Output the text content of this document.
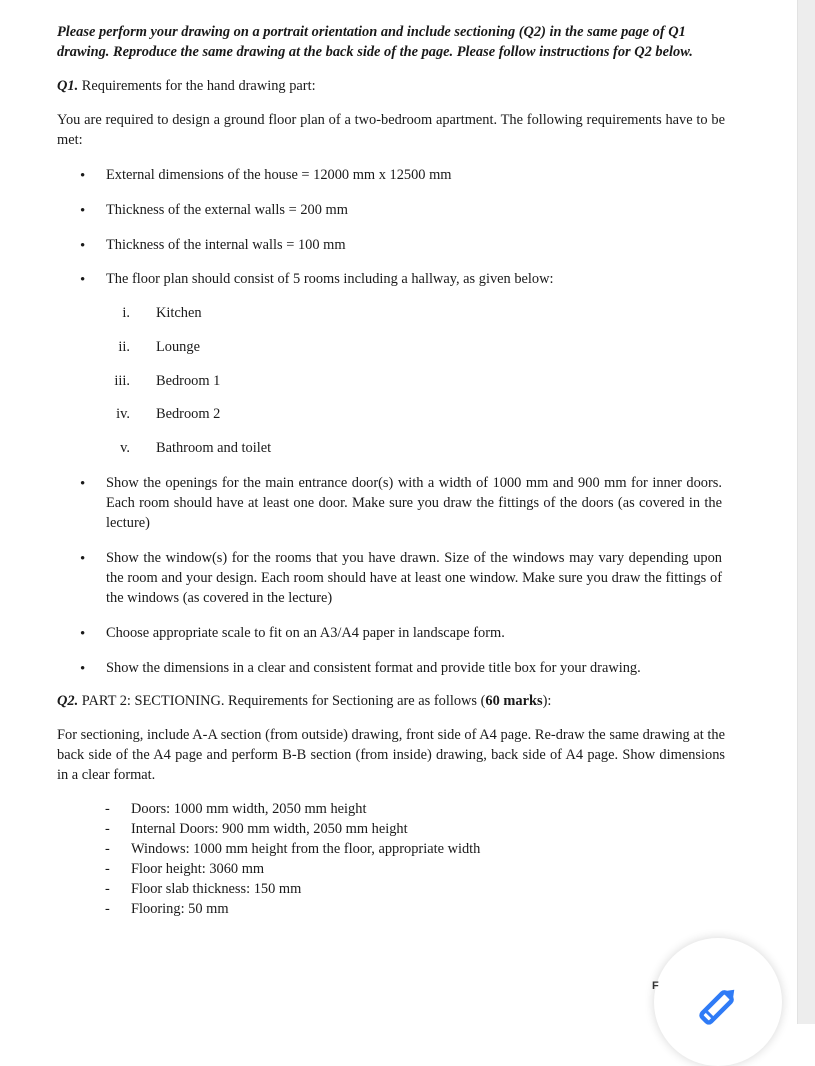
Please perform your drawing on a portrait orientation and include sectioning (Q2) in the same page of Q1

drawing. Reproduce the same drawing at the back side of the page. Please follow instructions for Q2 below.

Q1. Requirements for the hand drawing part:

You are required to design a ground floor plan of a two-bedroom apartment. The following requirements have to be met:

•	External dimensions of the house = 12000 mm x 12500 mm

•	Thickness of the external walls = 200 mm

•	Thickness of the internal walls = 100 mm

•	The floor plan should consist of 5 rooms including a hallway, as given below:

i. Kitchen
ii. Lounge
iii. Bedroom 1
iv. Bedroom 2
v. Bathroom and toilet
•	Show the openings for the main entrance door(s) with a width of 1000 mm and 900 mm for inner doors. Each room should have at least one door. Make sure you draw the fittings of the doors (as covered in the lecture)

•	Show the window(s) for the rooms that you have drawn. Size of the windows may vary depending upon the room and your design. Each room should have at least one window. Make sure you draw the fittings of the windows (as covered in the lecture)

•	Choose appropriate scale to fit on an A3/A4 paper in landscape form.

•	Show the dimensions in a clear and consistent format and provide title box for your drawing.

Q2. PART 2: SECTIONING. Requirements for Sectioning are as follows (60 marks):

For sectioning, include A-A section (from outside) drawing, front side of A4 page. Re-draw the same drawing at the back side of the A4 page and perform B-B section (from inside) drawing, back side of A4 page. Show dimensions in a clear format.

- Doors: 1000 mm width, 2050 mm height
- Internal Doors: 900 mm width, 2050 mm height
- Windows: 1000 mm height from the floor, appropriate width
- Floor height: 3060 mm
- Floor slab thickness: 150 mm
- Flooring: 50 mm
F
